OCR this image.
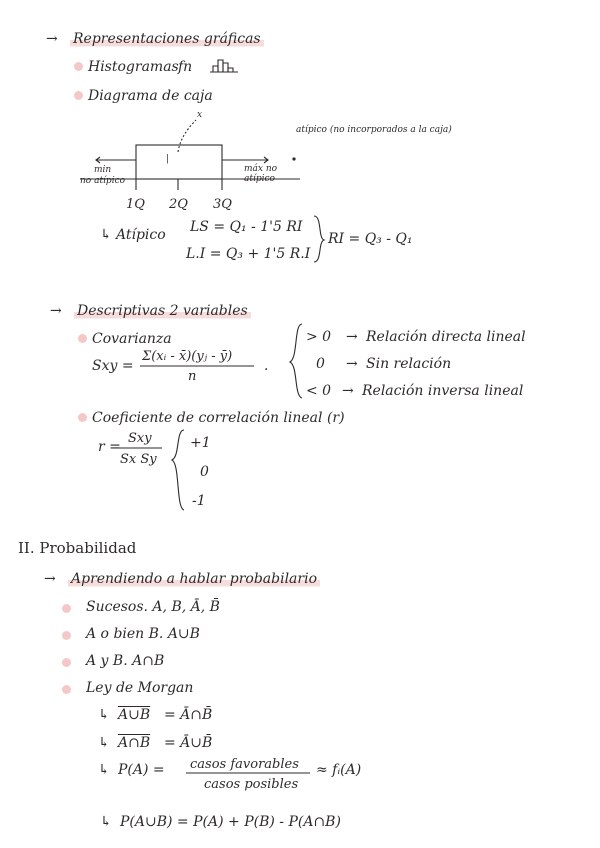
→ Representaciones gráficas
Histogramas fn
Diagrama de caja
x
|
atípico (no incorporados a la caja)
min
no atípico
máx no
atípico
1Q 2Q 3Q
↳ Atípico LS = Q₁ - 1'5 RI
L.I = Q₃ + 1'5 R.I
RI = Q₃ - Q₁
→ Descriptivas 2 variables
Covarianza
Sxy =
Σ(xᵢ - x̄)(yⱼ - ȳ)
n
.
> 0 → Relación directa lineal
0 → Sin relación
< 0 → Relación inversa lineal
Coeficiente de correlación lineal (r)
r =
Sxy
Sx Sy
+1
0
-1
II. Probabilidad
→ Aprendiendo a hablar probabilario
Sucesos. A, B, Ā, B̄
A o bien B. A∪B
A y B. A∩B
Ley de Morgan
↳ A∪B = Ā∩B̄
↳ A∩B = Ā∪B̄
↳ P(A) = casos favorables
casos posibles
≈ fᵢ(A)
↳ P(A∪B) = P(A) + P(B) - P(A∩B)
